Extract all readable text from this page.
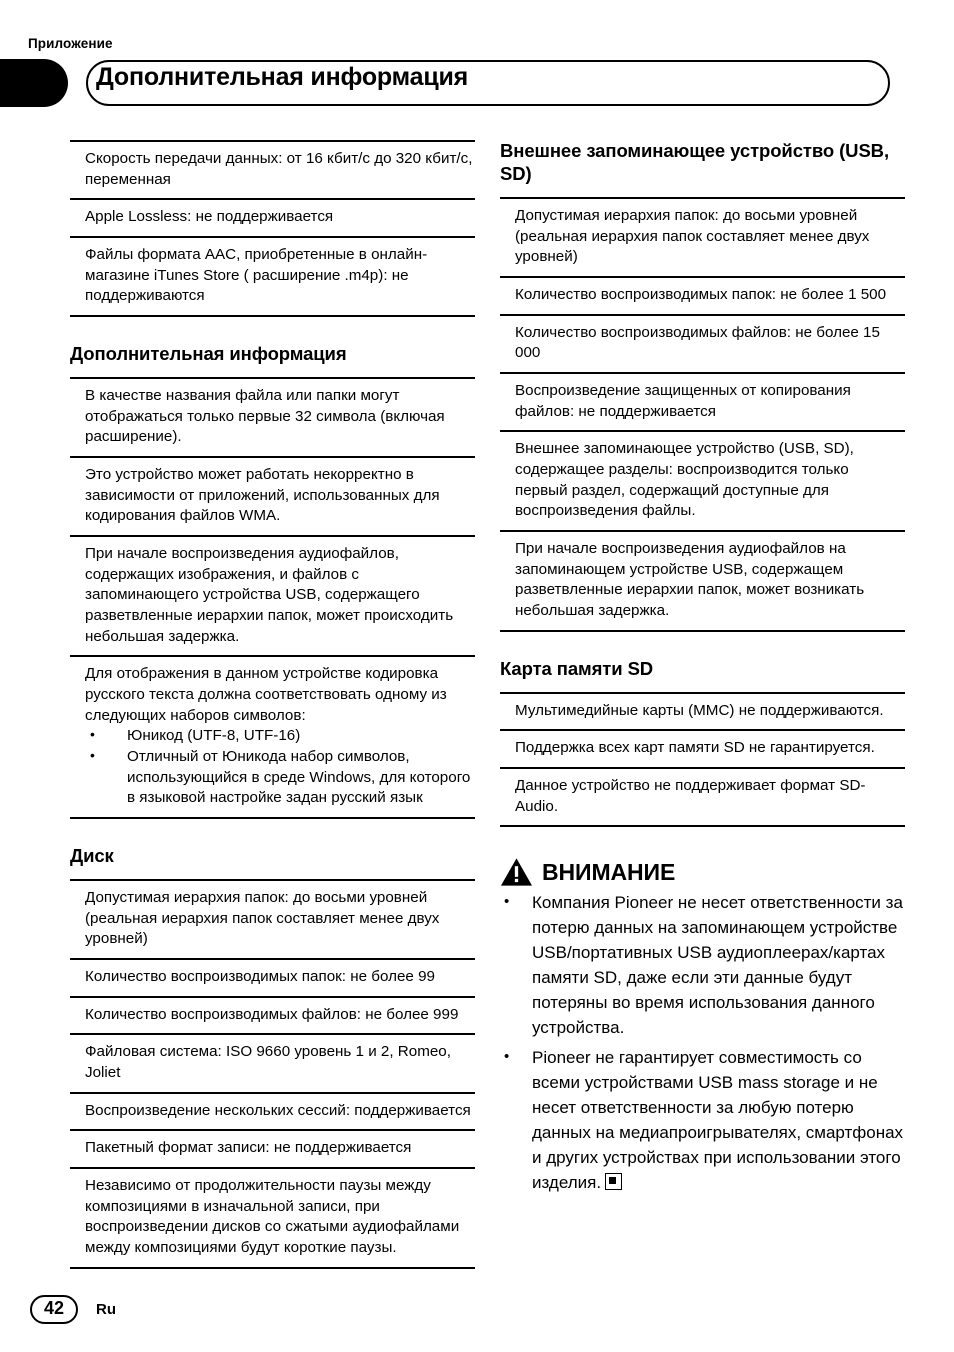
Приложение
Дополнительная информация

Скорость передачи данных: от 16 кбит/с до 320 кбит/с, переменная

Apple Lossless: не поддерживается

Файлы формата AAC, приобретенные в онлайн-магазине iTunes Store ( расширение .m4p): не поддерживаются

Дополнительная информация

В качестве названия файла или папки могут отображаться только первые 32 символа (включая расширение).

Это устройство может работать некорректно в зависимости от приложений, использованных для кодирования файлов WMA.

При начале воспроизведения аудиофайлов, содержащих изображения, и файлов с запоминающего устройства USB, содержащего разветвленные иерархии папок, может происходить небольшая задержка.

Для отображения в данном устройстве кодировка русского текста должна соответствовать одному из следующих наборов символов:

• Юникод (UTF-8, UTF-16)
• Отличный от Юникода набор символов, использующийся в среде Windows, для которого в языковой настройке задан русский язык
Диск

Допустимая иерархия папок: до восьми уровней (реальная иерархия папок составляет менее двух уровней)

Количество воспроизводимых папок: не более 99

Количество воспроизводимых файлов: не более 999

Файловая система: ISO 9660 уровень 1 и 2, Romeo, Joliet

Воспроизведение нескольких сессий: поддерживается

Пакетный формат записи: не поддерживается

Независимо от продолжительности паузы между композициями в изначальной записи, при воспроизведении дисков со сжатыми аудиофайлами между композициями будут короткие паузы.

Внешнее запоминающее устройство (USB, SD)

Допустимая иерархия папок: до восьми уровней (реальная иерархия папок составляет менее двух уровней)

Количество воспроизводимых папок: не более 1 500

Количество воспроизводимых файлов: не более 15 000

Воспроизведение защищенных от копирования файлов: не поддерживается

Внешнее запоминающее устройство (USB, SD), содержащее разделы: воспроизводится только первый раздел, содержащий доступные для воспроизведения файлы.

При начале воспроизведения аудиофайлов на запоминающем устройстве USB, содержащем разветвленные иерархии папок, может возникать небольшая задержка.

Карта памяти SD

Мультимедийные карты (MMC) не поддерживаются.

Поддержка всех карт памяти SD не гарантируется.

Данное устройство не поддерживает формат SD-Audio.

ВНИМАНИЕ
• Компания Pioneer не несет ответственности за потерю данных на запоминающем устройстве USB/портативных USB аудиоплеерах/картах памяти SD, даже если эти данные будут потеряны во время использования данного устройства.
• Pioneer не гарантирует совместимость со всеми устройствами USB mass storage и не несет ответственности за любую потерю данных на медиапроигрывателях, смартфонах и других устройствах при использовании этого изделия.
42	Ru
